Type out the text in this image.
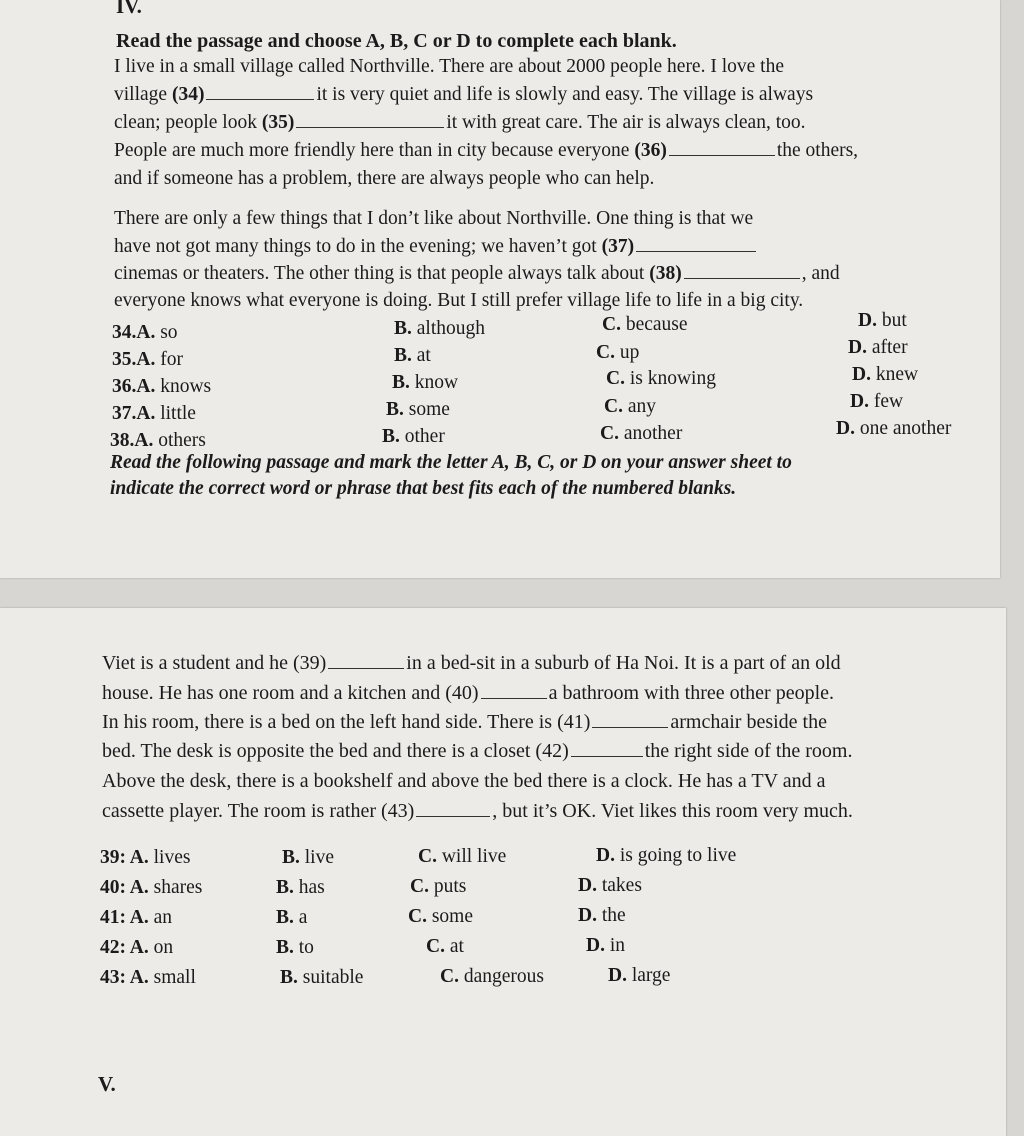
IV.
Read the passage and choose A, B, C or D to complete each blank.
I live in a small village called Northville. There are about 2000 people here. I love the
village (34)	it is very quiet and life is slowly and easy. The village is always
clean; people look (35)	it with great care. The air is always clean, too.
People are much more friendly here than in city because everyone (36)	the others,
and if someone has a problem, there are always people who can help.
There are only a few things that I don’t like about Northville. One thing is that we
have not got many things to do in the evening; we haven’t got (37)
cinemas or theaters. The other thing is that people always talk about (38)	, and
everyone knows what everyone is doing. But I still prefer village life to life in a big city.
34.A. so	B. although	C. because	D. but
35.A. for	B. at	C. up	D. after
36.A. knows	B. know	C. is knowing	D. knew
37.A. little	B. some	C. any	D. few
38.A. others	B. other	C. another	D. one another
Read the following passage and mark the letter A, B, C, or D on your answer sheet to
indicate the correct word or phrase that best fits each of the numbered blanks.
Viet is a student and he (39)	in a bed-sit in a suburb of Ha Noi. It is a part of an old
house. He has one room and a kitchen and (40)	a bathroom with three other people.
In his room, there is a bed on the left hand side. There is (41)	armchair beside the
bed. The desk is opposite the bed and there is a closet (42)	the right side of the room.
Above the desk, there is a bookshelf and above the bed there is a clock. He has a TV and a
cassette player. The room is rather (43)	, but it’s OK. Viet likes this room very much.
39: A. lives	B. live	C. will live	D. is going to live
40: A. shares	B. has	C. puts	D. takes
41: A. an	B. a	C. some	D. the
42: A. on	B. to	C. at	D. in
43: A. small	B. suitable	C. dangerous	D. large
V.
